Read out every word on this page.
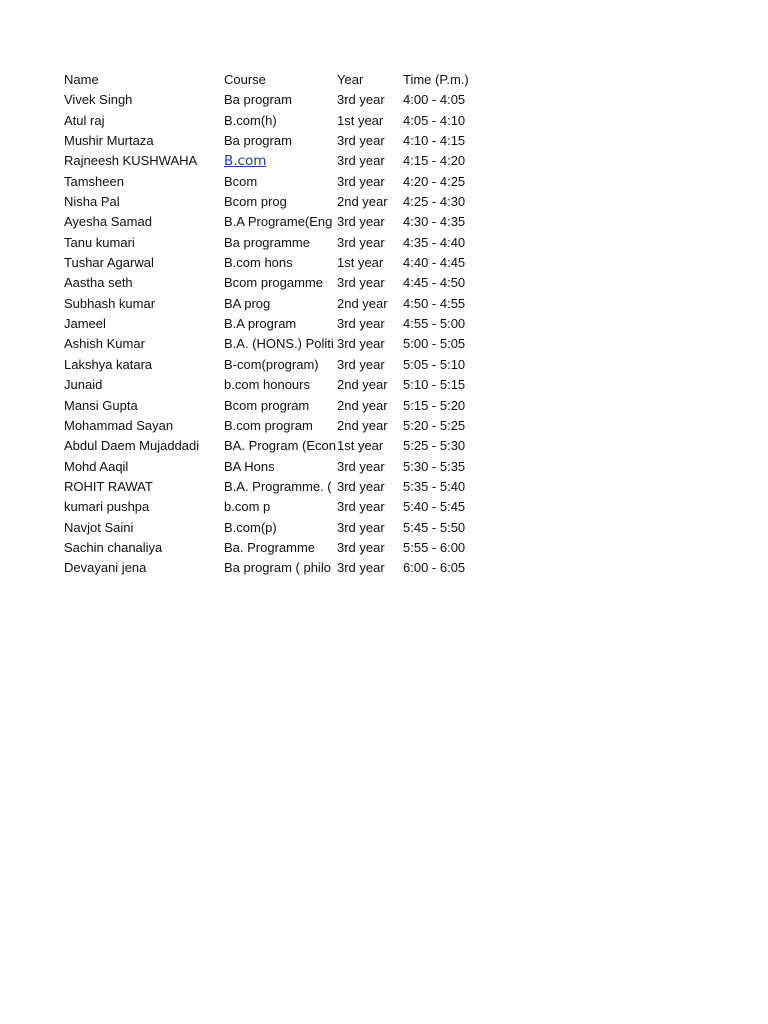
Name	Course	Year	Time (P.m.)
Vivek Singh	Ba program	3rd year	4:00 - 4:05
Atul raj	B.com(h)	1st year	4:05 - 4:10
Mushir Murtaza	Ba program	3rd year	4:10 - 4:15
Rajneesh KUSHWAHA	B.com	3rd year	4:15 - 4:20
Tamsheen	Bcom	3rd year	4:20 - 4:25
Nisha Pal	Bcom prog	2nd year	4:25 - 4:30
Ayesha Samad	B.A Programe(Eng 3rd year	4:30 - 4:35
Tanu kumari	Ba programme	3rd year	4:35 - 4:40
Tushar Agarwal	B.com hons	1st year	4:40 - 4:45
Aastha seth	Bcom progamme	3rd year	4:45 - 4:50
Subhash kumar	BA prog	2nd year	4:50 - 4:55
Jameel	B.A program	3rd year	4:55 - 5:00
Ashish Kumar	B.A. (HONS.) Politi 3rd year	5:00 - 5:05
Lakshya katara	B-com(program)	3rd year	5:05 - 5:10
Junaid	b.com honours	2nd year	5:10 - 5:15
Mansi Gupta	Bcom program	2nd year	5:15 - 5:20
Mohammad Sayan	B.com program	2nd year	5:20 - 5:25
Abdul Daem Mujaddadi	BA. Program (Econ 1st year	5:25 - 5:30
Mohd Aaqil	BA Hons	3rd year	5:30 - 5:35
ROHIT RAWAT	B.A. Programme. ( 3rd year	5:35 - 5:40
kumari pushpa	b.com p	3rd year	5:40 - 5:45
Navjot Saini	B.com(p)	3rd year	5:45 - 5:50
Sachin chanaliya	Ba. Programme	3rd year	5:55 - 6:00
Devayani jena	Ba program ( philo 3rd year	6:00 - 6:05
